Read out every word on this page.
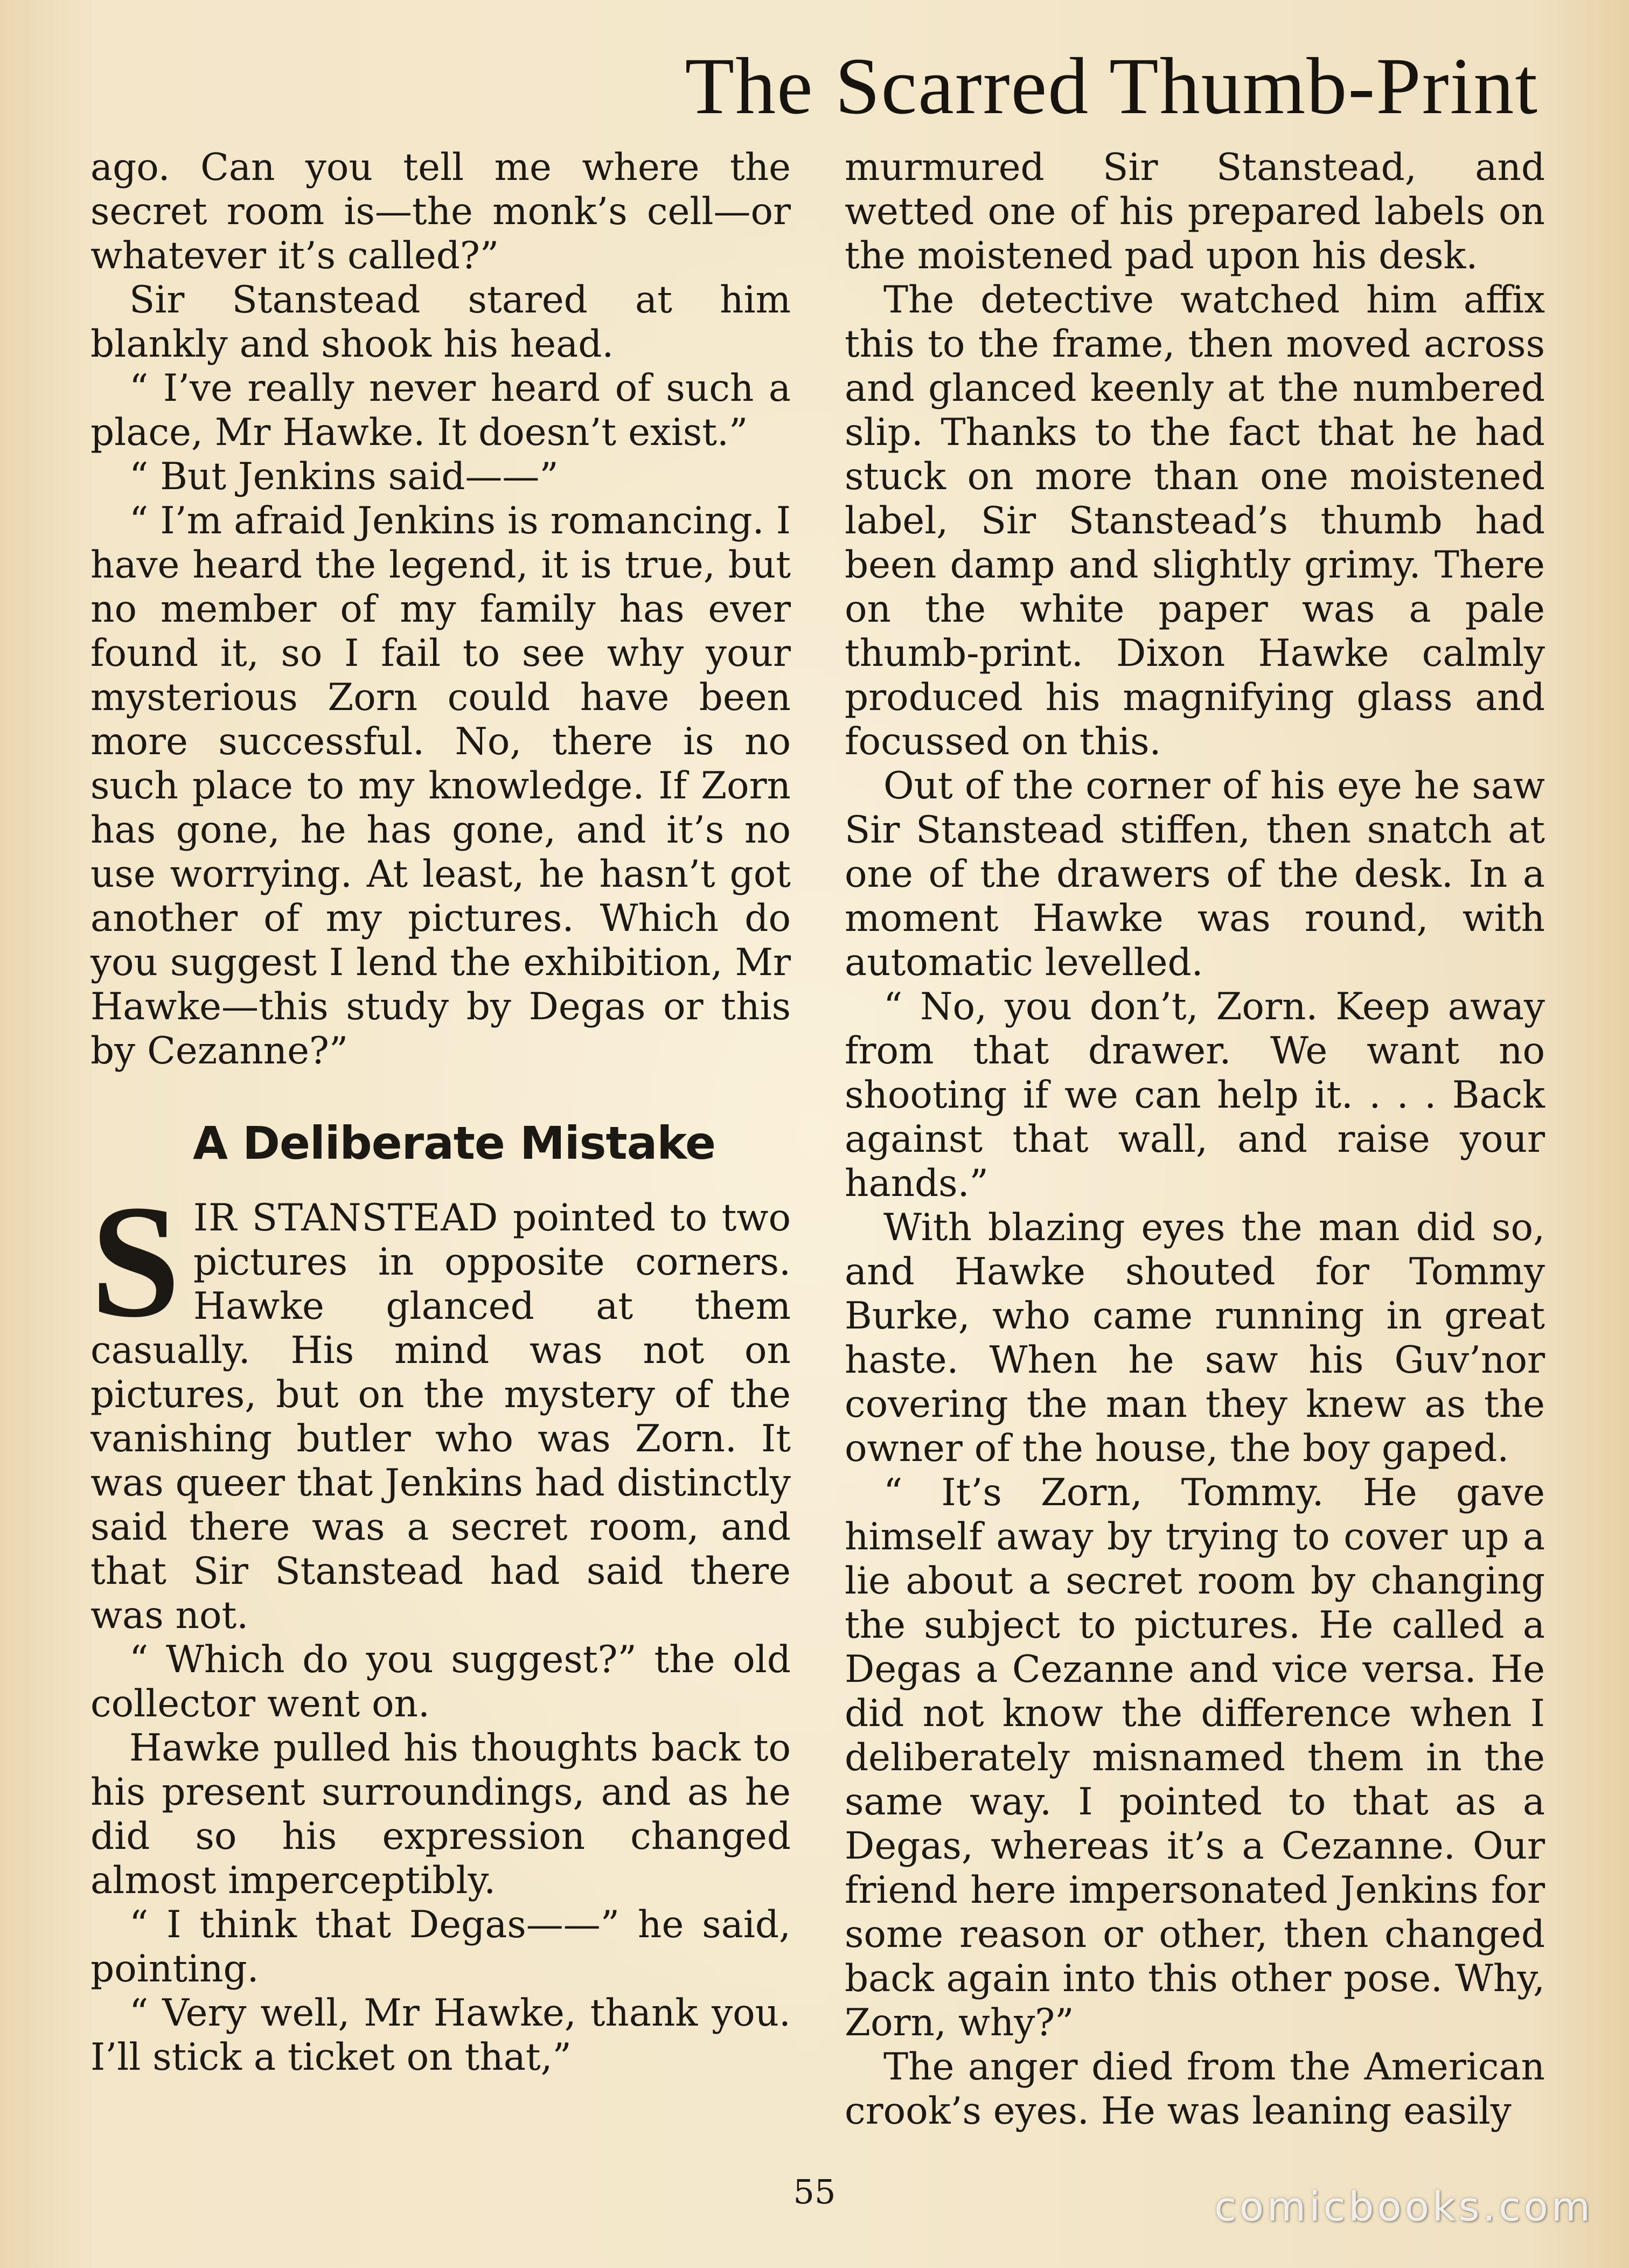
The Scarred Thumb-Print

ago. Can you tell me where the secret room is—the monk’s cell—or whatever it’s called?”

Sir Stanstead stared at him blankly and shook his head.

“ I’ve really never heard of such a place, Mr Hawke. It doesn’t exist.”

“ But Jenkins said——”

“ I’m afraid Jenkins is romancing. I have heard the legend, it is true, but no member of my family has ever found it, so I fail to see why your mysterious Zorn could have been more successful. No, there is no such place to my knowledge. If Zorn has gone, he has gone, and it’s no use worrying. At least, he hasn’t got another of my pictures. Which do you suggest I lend the exhibition, Mr Hawke—this study by Degas or this by Cezanne?”

A Deliberate Mistake

SIR STANSTEAD pointed to two pictures in opposite corners. Hawke glanced at them casually. His mind was not on pictures, but on the mystery of the vanishing butler who was Zorn. It was queer that Jenkins had distinctly said there was a secret room, and that Sir Stanstead had said there was not.

“ Which do you suggest?” the old collector went on.

Hawke pulled his thoughts back to his present surroundings, and as he did so his expression changed almost imperceptibly.

“ I think that Degas——” he said, pointing.

“ Very well, Mr Hawke, thank you. I’ll stick a ticket on that,”

murmured Sir Stanstead, and wetted one of his prepared labels on the moistened pad upon his desk.

The detective watched him affix this to the frame, then moved across and glanced keenly at the numbered slip. Thanks to the fact that he had stuck on more than one moistened label, Sir Stanstead’s thumb had been damp and slightly grimy. There on the white paper was a pale thumb-print. Dixon Hawke calmly produced his magnifying glass and focussed on this.

Out of the corner of his eye he saw Sir Stanstead stiffen, then snatch at one of the drawers of the desk. In a moment Hawke was round, with automatic levelled.

“ No, you don’t, Zorn. Keep away from that drawer. We want no shooting if we can help it. . . . Back against that wall, and raise your hands.”

With blazing eyes the man did so, and Hawke shouted for Tommy Burke, who came running in great haste. When he saw his Guv’nor covering the man they knew as the owner of the house, the boy gaped.

“ It’s Zorn, Tommy. He gave himself away by trying to cover up a lie about a secret room by changing the subject to pictures. He called a Degas a Cezanne and vice versa. He did not know the difference when I deliberately misnamed them in the same way. I pointed to that as a Degas, whereas it’s a Cezanne. Our friend here impersonated Jenkins for some reason or other, then changed back again into this other pose. Why, Zorn, why?”

The anger died from the American crook’s eyes. He was leaning easily

55	comicbooks.com
